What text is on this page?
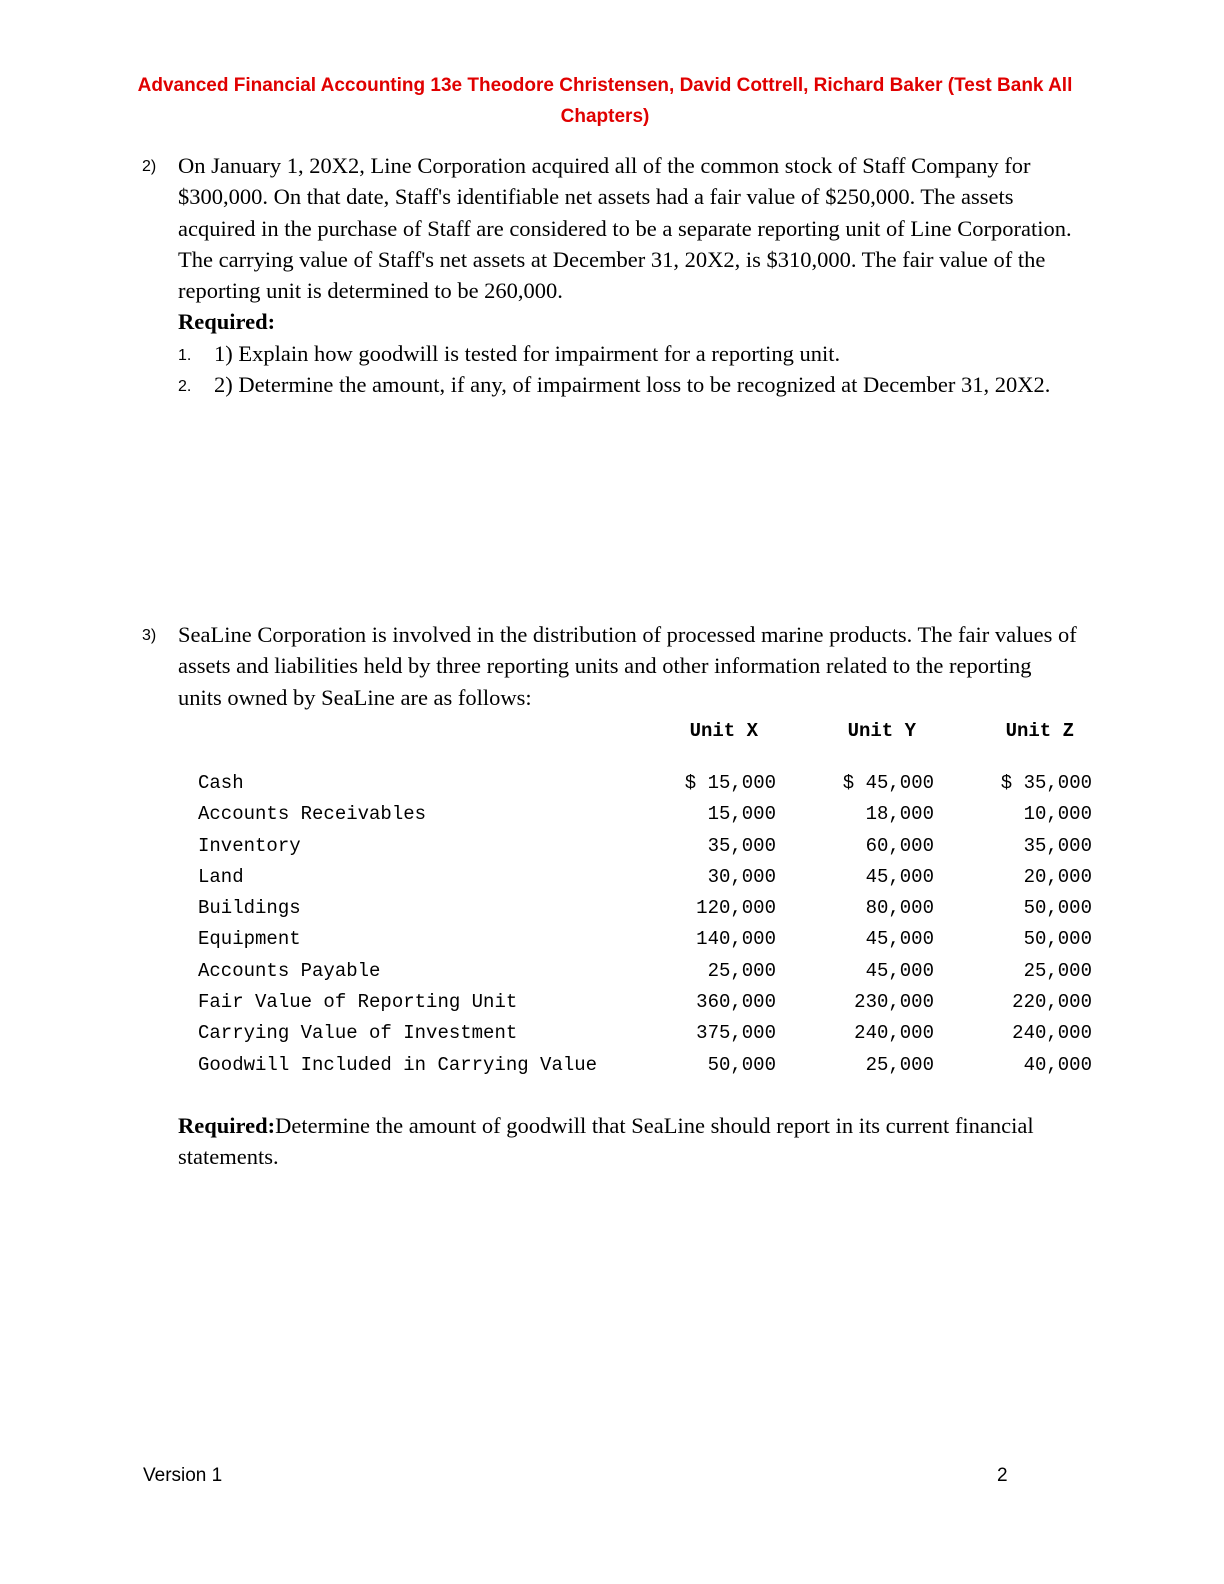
Advanced Financial Accounting 13e Theodore Christensen, David Cottrell, Richard Baker (Test Bank All
Chapters)
2) On January 1, 20X2, Line Corporation acquired all of the common stock of Staff Company for $300,000. On that date, Staff's identifiable net assets had a fair value of $250,000. The assets acquired in the purchase of Staff are considered to be a separate reporting unit of Line Corporation. The carrying value of Staff's net assets at December 31, 20X2, is $310,000. The fair value of the reporting unit is determined to be 260,000.

Required:

1. 1) Explain how goodwill is tested for impairment for a reporting unit.
2. 2) Determine the amount, if any, of impairment loss to be recognized at December 31, 20X2.
3) SeaLine Corporation is involved in the distribution of processed marine products. The fair values of assets and liabilities held by three reporting units and other information related to the reporting units owned by SeaLine are as follows:

	Unit X	Unit Y	Unit Z
Cash	$ 15,000	$ 45,000	$ 35,000
Accounts Receivables	15,000	18,000	10,000
Inventory	35,000	60,000	35,000
Land	30,000	45,000	20,000
Buildings	120,000	80,000	50,000
Equipment	140,000	45,000	50,000
Accounts Payable	25,000	45,000	25,000
Fair Value of Reporting Unit	360,000	230,000	220,000
Carrying Value of Investment	375,000	240,000	240,000
Goodwill Included in Carrying Value	50,000	25,000	40,000
Required:Determine the amount of goodwill that SeaLine should report in its current financial statements.
Version 1	2
